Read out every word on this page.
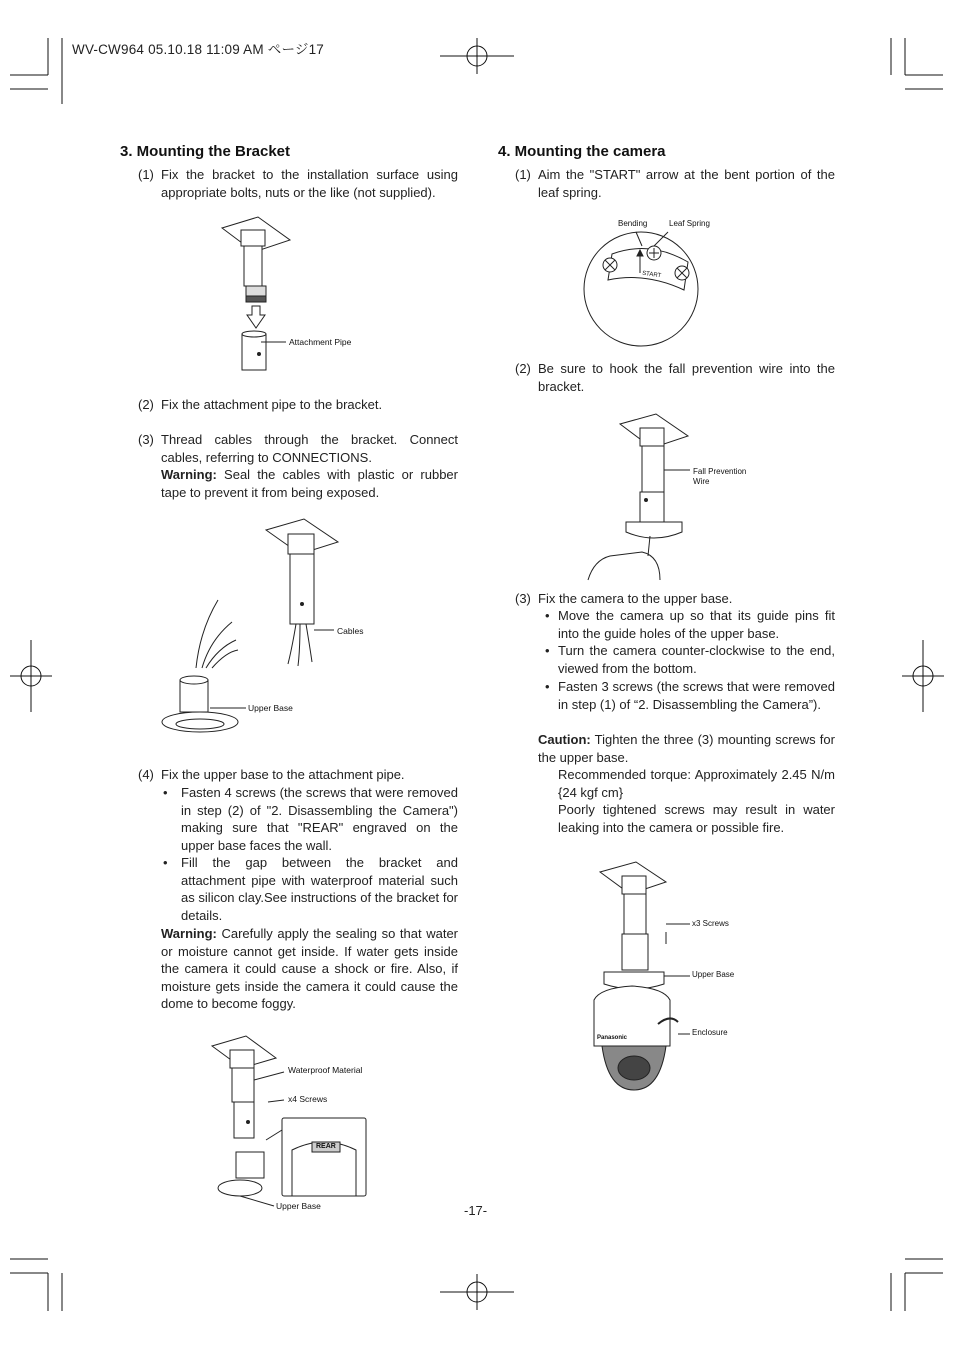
WV-CW964 05.10.18 11:09 AM ページ17
3. Mounting the Bracket
(1) Fix the bracket to the installation surface using appropriate bolts, nuts or the like (not supplied).
Attachment Pipe
(2) Fix the attachment pipe to the bracket.
(3) Thread cables through the bracket. Connect cables, referring to CONNECTIONS.
Warning: Seal the cables with plastic or rubber tape to prevent it from being exposed.
Cables
Upper Base
(4) Fix the upper base to the attachment pipe.
• Fasten 4 screws (the screws that were removed in step (2) of "2. Disassembling the Camera") making sure that "REAR" engraved on the upper base faces the wall.
• Fill the gap between the bracket and attachment pipe with waterproof material such as silicon clay.See instructions of the bracket for details.
Warning: Carefully apply the sealing so that water or moisture cannot get inside. If water gets inside the camera it could cause a shock or fire. Also, if moisture gets inside the camera it could cause the dome to become foggy.
Waterproof Material
x4 Screws
Upper Base
REAR
4. Mounting the camera
(1) Aim the "START" arrow at the bent portion of the leaf spring.
Bending	Leaf Spring
START
(2) Be sure to hook the fall prevention wire into the bracket.
Fall Prevention
Wire
(3) Fix the camera to the upper base.
• Move the camera up so that its guide pins fit into the guide holes of the upper base.
• Turn the camera counter-clockwise to the end, viewed from the bottom.
• Fasten 3 screws (the screws that were removed in step (1) of “2. Disassembling the Camera”).
Caution: Tighten the three (3) mounting screws for the upper base.
Recommended torque: Approximately 2.45 N/m {24 kgf cm}
Poorly tightened screws may result in water leaking into the camera or possible fire.
x3 Screws
Upper Base
Enclosure
Panasonic
-17-
